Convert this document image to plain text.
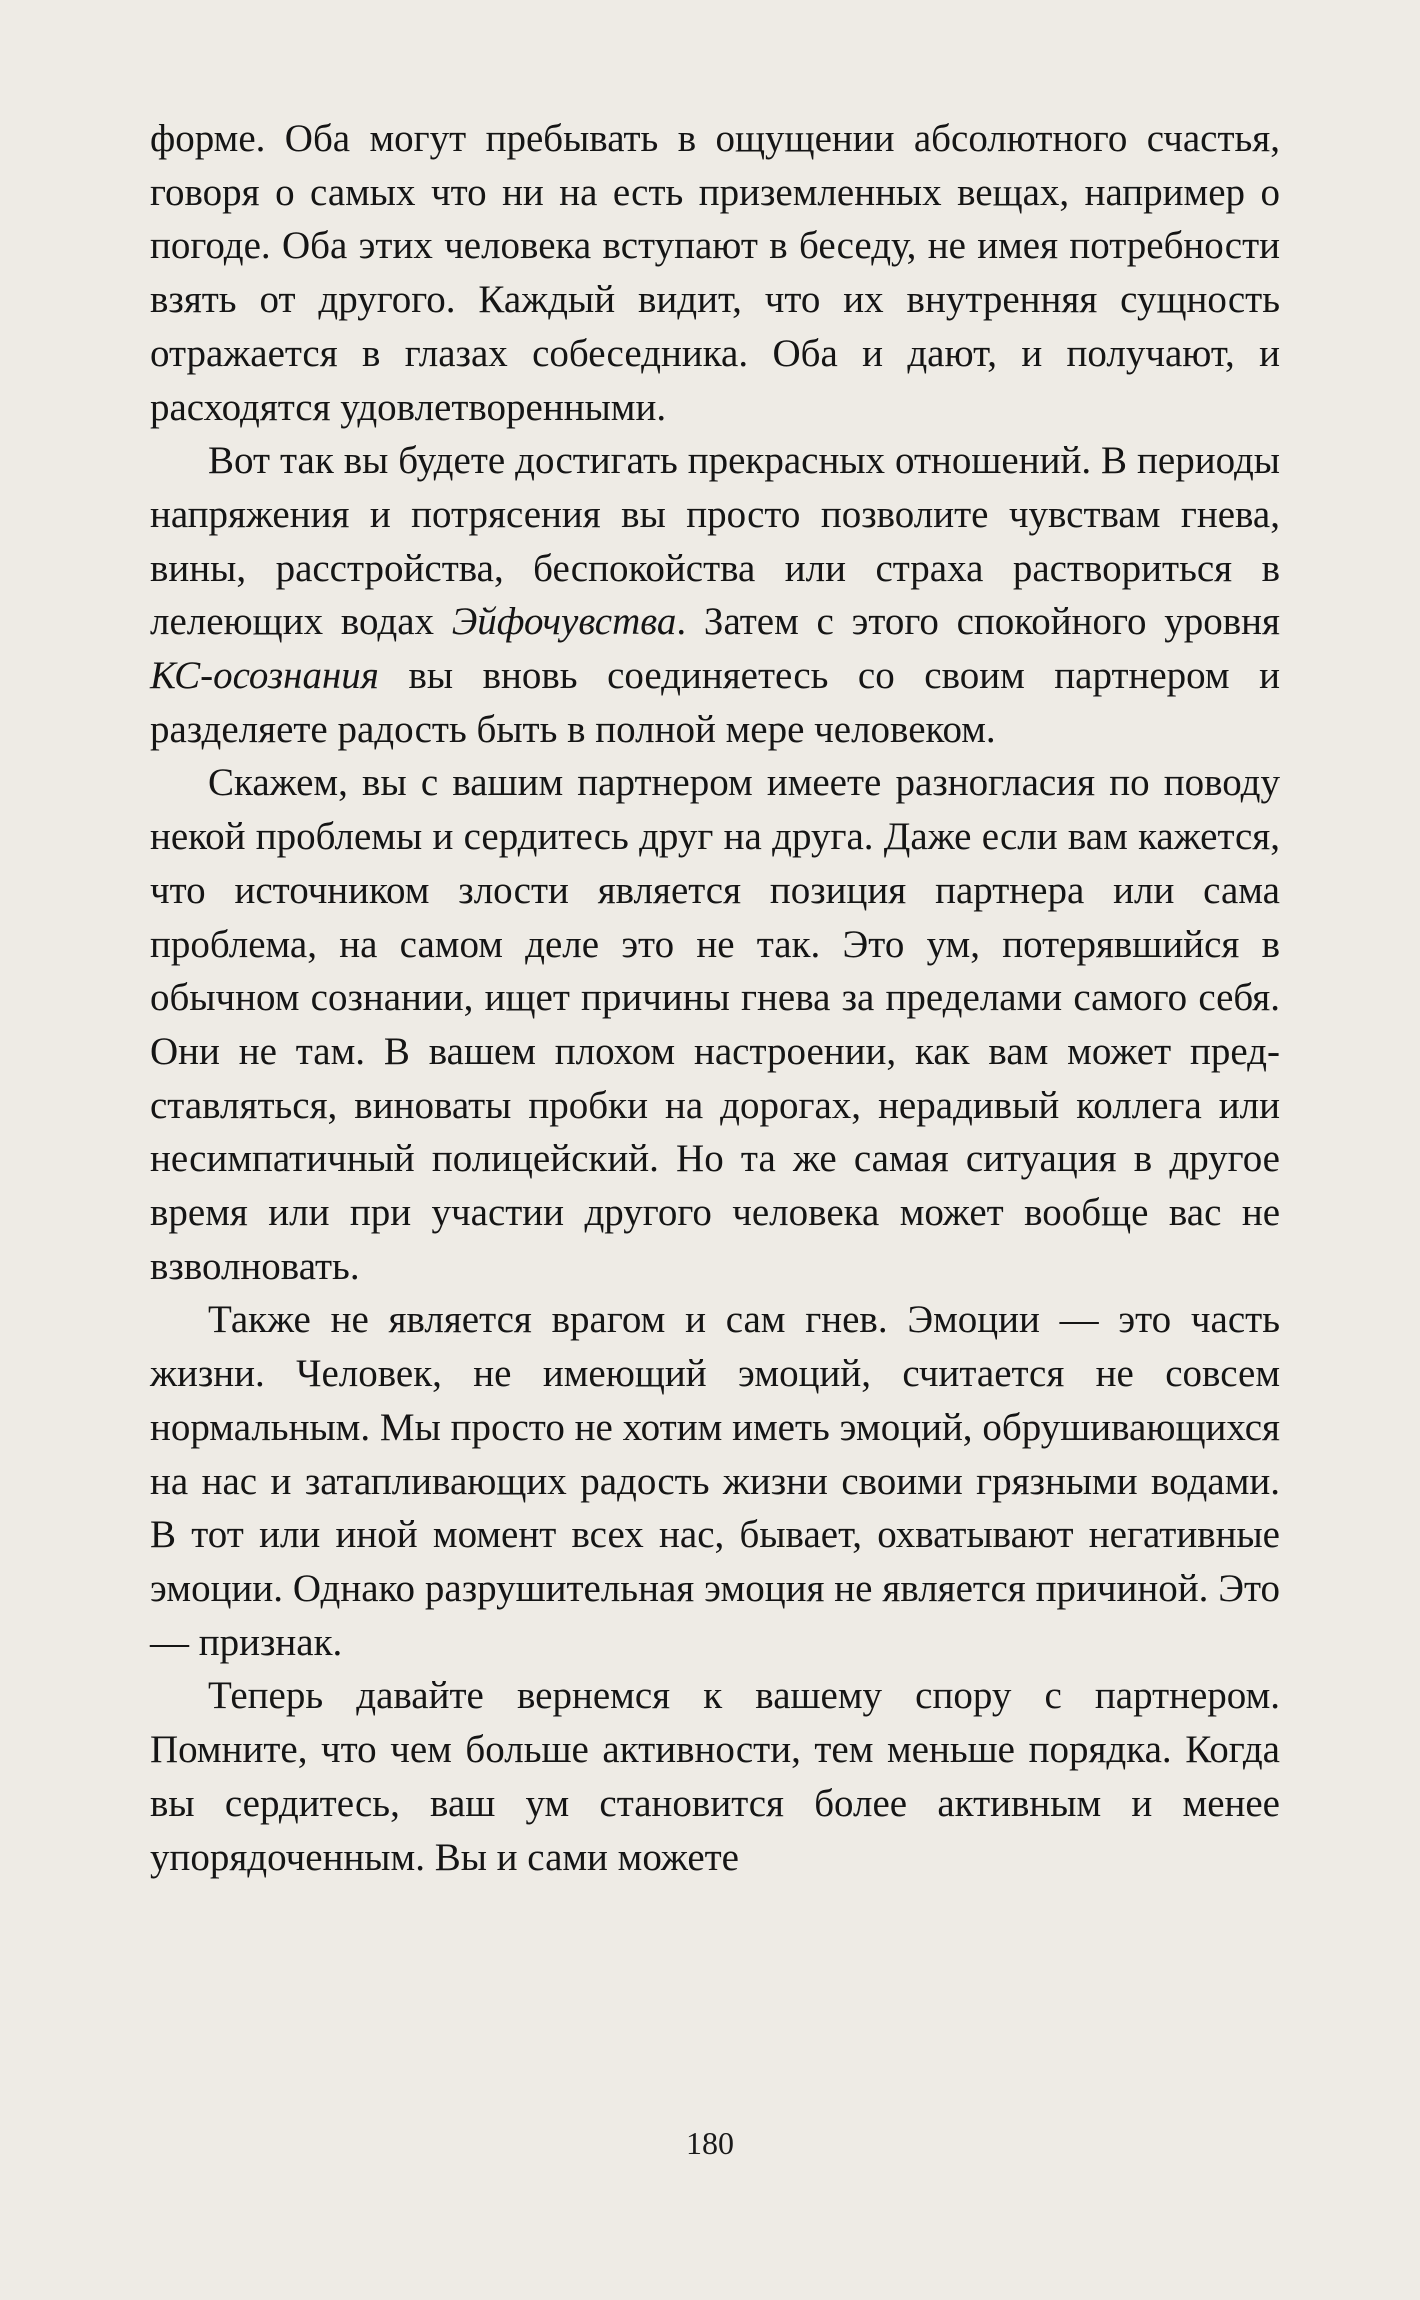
форме. Оба могут пребывать в ощущении абсолютного счастья, говоря о самых что ни на есть приземленных вещах, например о погоде. Оба этих человека вступают в беседу, не имея потребности взять от другого. Каждый видит, что их внутренняя сущность отражается в глазах собеседника. Оба и дают, и получают, и расходятся удовлетворенными.

Вот так вы будете достигать прекрасных отношений. В периоды напряжения и потрясения вы просто позволите чувствам гнева, вины, расстройства, беспокойства или страха раствориться в лелеющих водах Эйфочувства. Затем с этого спокойного уровня КС-осознания вы вновь соединяетесь со своим партнером и разделяете радость быть в полной мере человеком.

Скажем, вы с вашим партнером имеете разногласия по поводу некой проблемы и сердитесь друг на друга. Даже если вам кажется, что источником злости является позиция партнера или сама проблема, на самом деле это не так. Это ум, потерявшийся в обычном сознании, ищет причины гнева за пределами самого себя. Они не там. В вашем плохом настроении, как вам может представляться, виноваты пробки на дорогах, нерадивый коллега или несимпатичный полицейский. Но та же самая ситуация в другое время или при участии другого человека может вообще вас не взволновать.

Также не является врагом и сам гнев. Эмоции — это часть жизни. Человек, не имеющий эмоций, считается не совсем нормальным. Мы просто не хотим иметь эмоций, обрушивающихся на нас и затапливающих радость жизни своими грязными водами. В тот или иной момент всех нас, бывает, охватывают негативные эмоции. Однако разрушительная эмоция не является причиной. Это — признак.

Теперь давайте вернемся к вашему спору с партнером. Помните, что чем больше активности, тем меньше порядка. Когда вы сердитесь, ваш ум становится более активным и менее упорядоченным. Вы и сами можете

180
